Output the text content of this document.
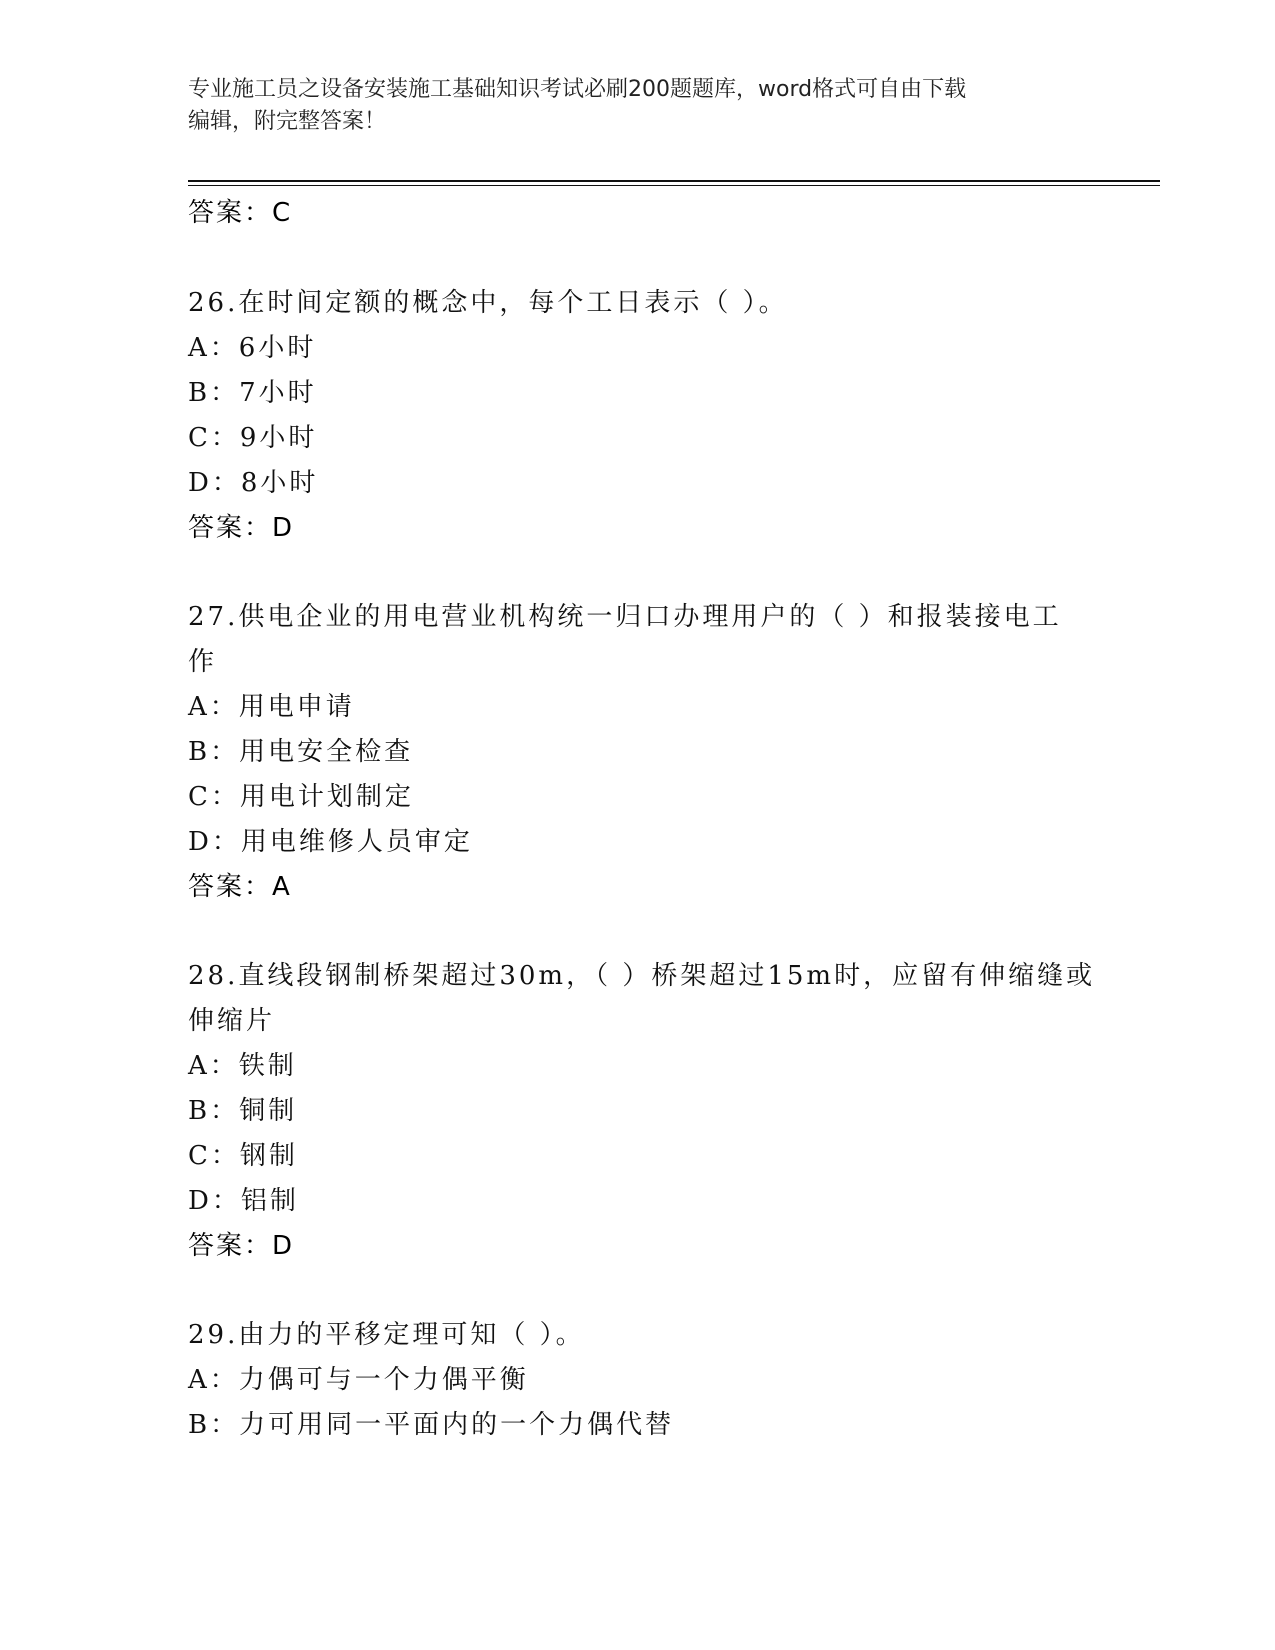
专业施工员之设备安装施工基础知识考试必刷200题题库，word格式可自由下载
编辑，附完整答案！
答案：C
26.在时间定额的概念中，每个工日表示（ ）。
A：6小时
B：7小时
C：9小时
D：8小时
答案：D
27.供电企业的用电营业机构统一归口办理用户的（ ）和报装接电工
作
A：用电申请
B：用电安全检查
C：用电计划制定
D：用电维修人员审定
答案：A
28.直线段钢制桥架超过30m，（ ）桥架超过15m时，应留有伸缩缝或
伸缩片
A：铁制
B：铜制
C：钢制
D：铝制
答案：D
29.由力的平移定理可知（ ）。
A：力偶可与一个力偶平衡
B：力可用同一平面内的一个力偶代替
